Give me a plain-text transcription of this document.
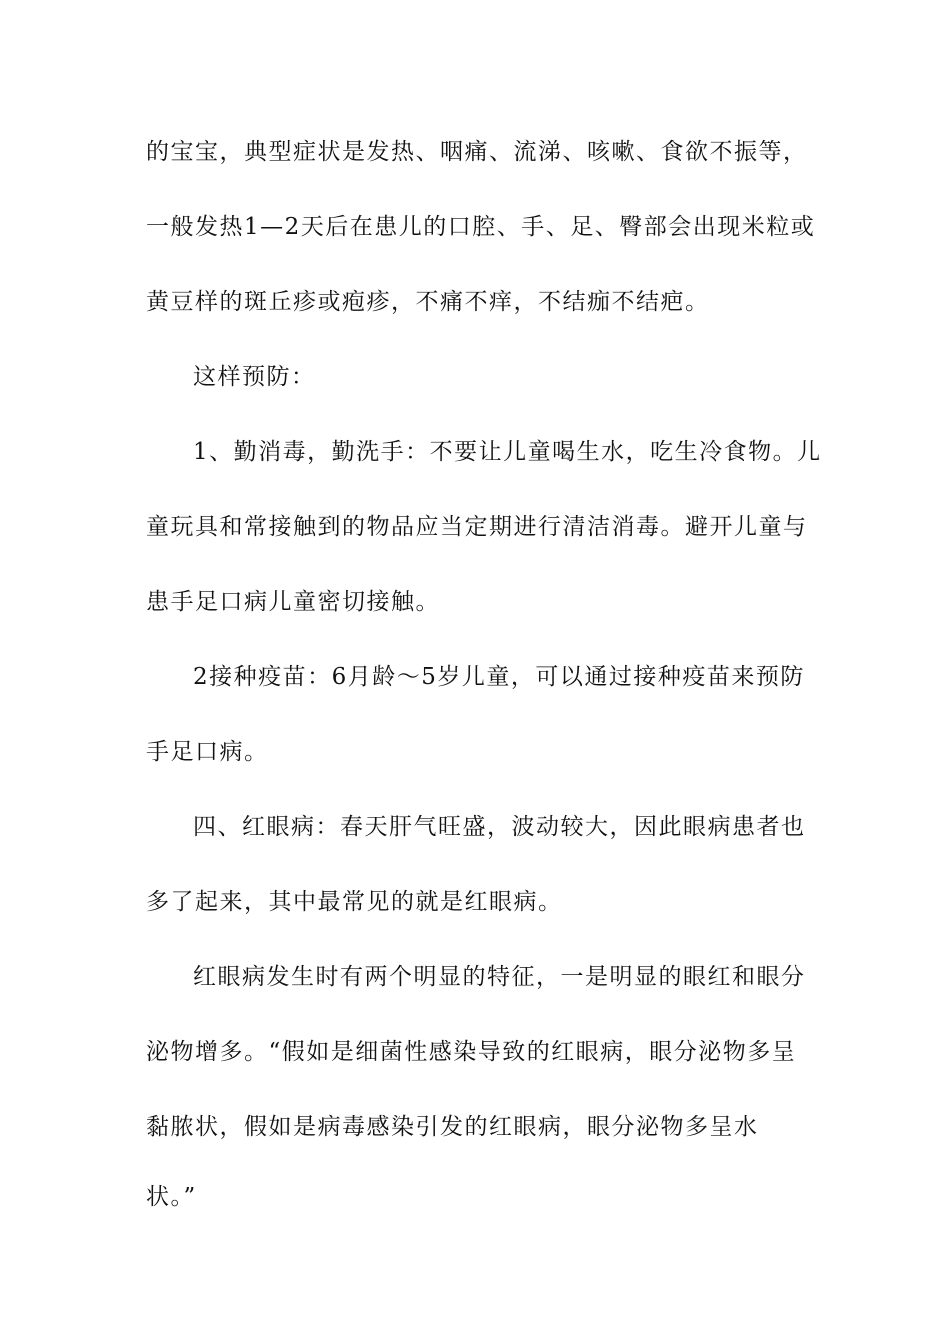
的宝宝，典型症状是发热、咽痛、流涕、咳嗽、食欲不振等，
一般发热1—2天后在患儿的口腔、手、足、臀部会出现米粒或
黄豆样的斑丘疹或疱疹，不痛不痒，不结痂不结疤。
这样预防：
1、勤消毒，勤洗手：不要让儿童喝生水，吃生冷食物。儿
童玩具和常接触到的物品应当定期进行清洁消毒。避开儿童与
患手足口病儿童密切接触。
2接种疫苗：6月龄～5岁儿童，可以通过接种疫苗来预防
手足口病。
四、红眼病：春天肝气旺盛，波动较大，因此眼病患者也
多了起来，其中最常见的就是红眼病。
红眼病发生时有两个明显的特征，一是明显的眼红和眼分
泌物增多。“假如是细菌性感染导致的红眼病，眼分泌物多呈
黏脓状，假如是病毒感染引发的红眼病，眼分泌物多呈水
状。”
